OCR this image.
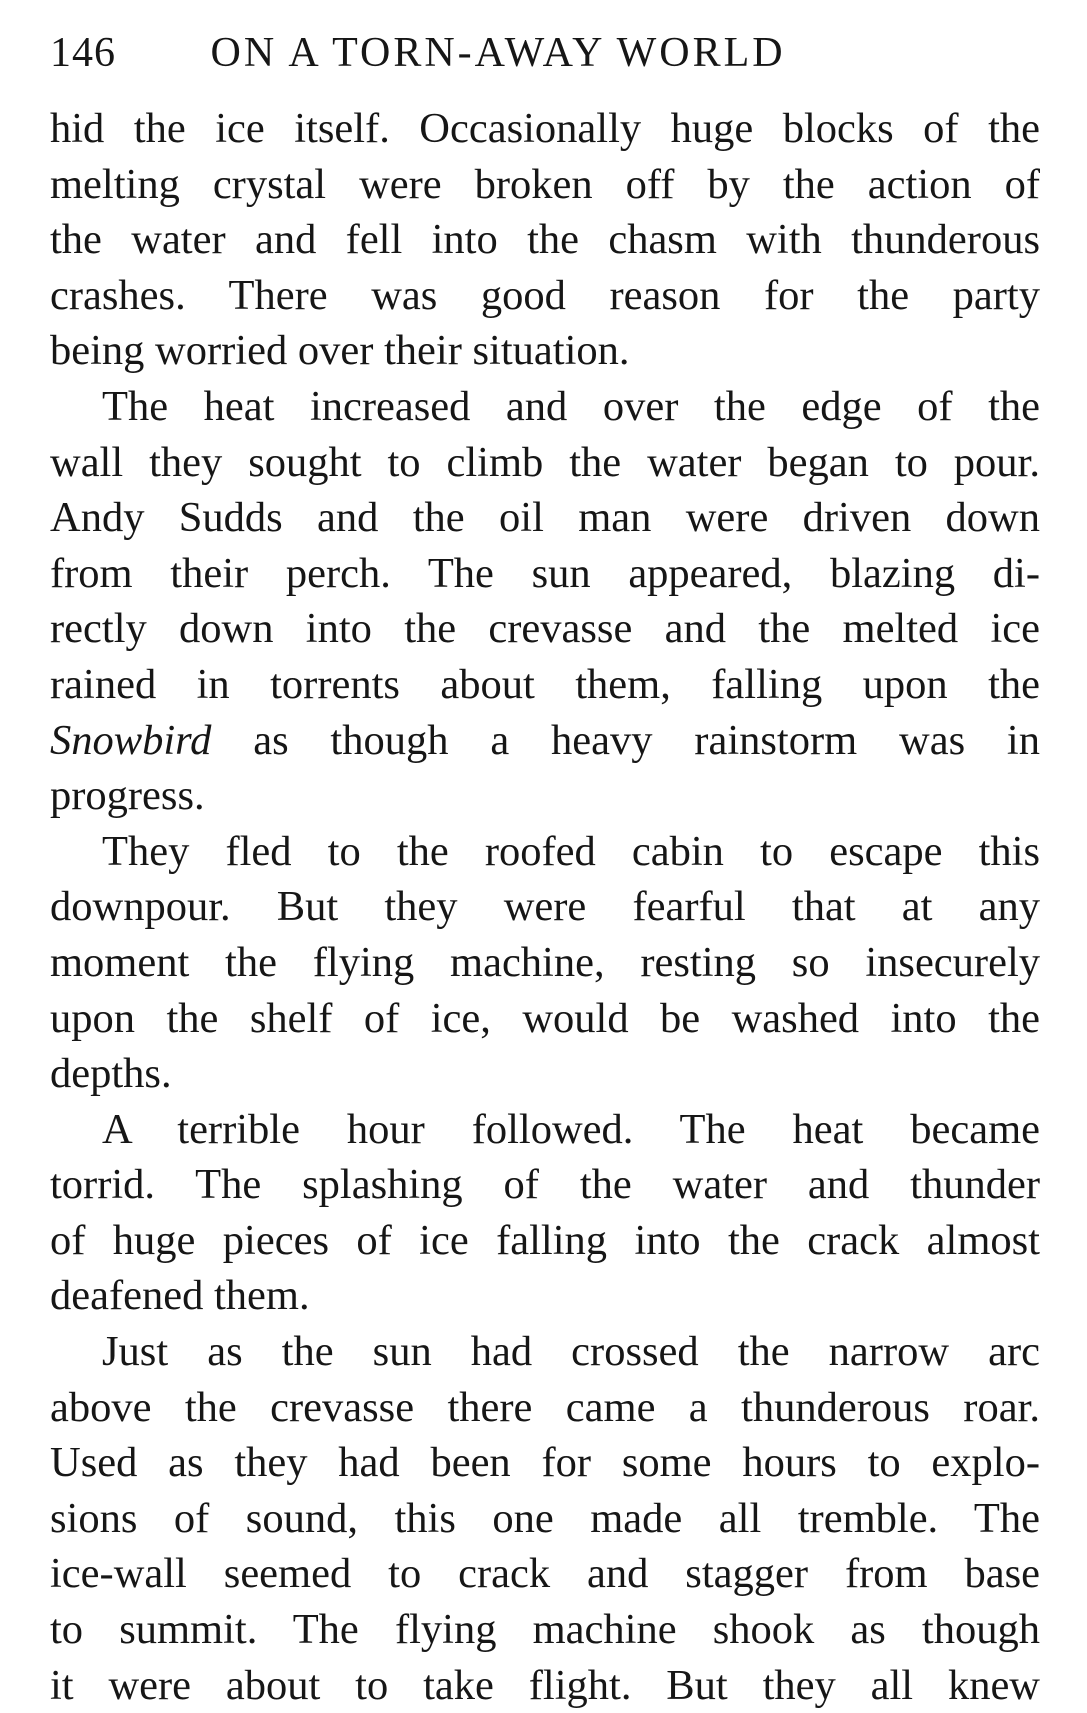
146 ON A TORN-AWAY WORLD
hid the ice itself. Occasionally huge blocks of the
melting crystal were broken off by the action of
the water and fell into the chasm with thunderous
crashes. There was good reason for the party
being worried over their situation.
The heat increased and over the edge of the
wall they sought to climb the water began to pour.
Andy Sudds and the oil man were driven down
from their perch. The sun appeared, blazing di-
rectly down into the crevasse and the melted ice
rained in torrents about them, falling upon the
Snowbird as though a heavy rainstorm was in
progress.
They fled to the roofed cabin to escape this
downpour. But they were fearful that at any
moment the flying machine, resting so insecurely
upon the shelf of ice, would be washed into the
depths.
A terrible hour followed. The heat became
torrid. The splashing of the water and thunder
of huge pieces of ice falling into the crack almost
deafened them.
Just as the sun had crossed the narrow arc
above the crevasse there came a thunderous roar.
Used as they had been for some hours to explo-
sions of sound, this one made all tremble. The
ice-wall seemed to crack and stagger from base
to summit. The flying machine shook as though
it were about to take flight. But they all knew
